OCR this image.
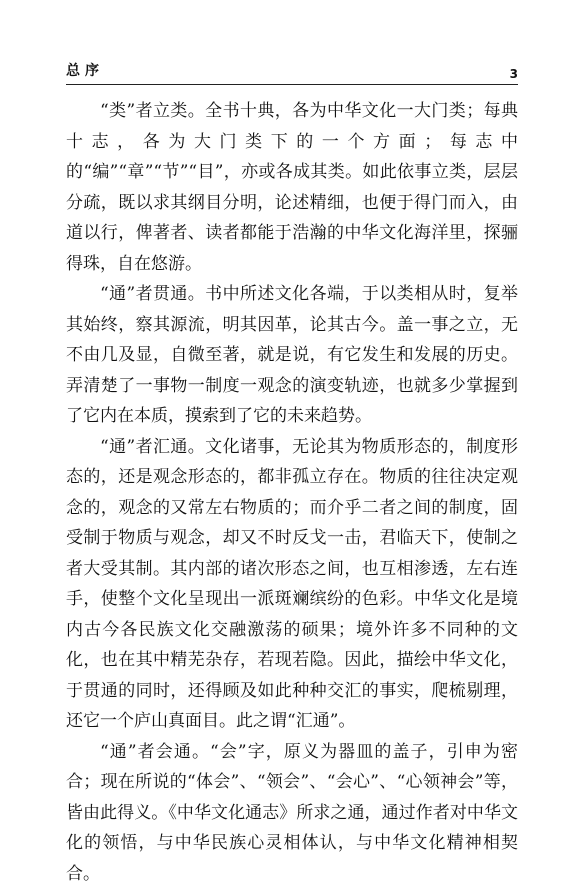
总序	3

“类”者立类。全书十典，各为中华文化一大门类；每典十志，各为大门类下的一个方面；每志中的“编”“章”“节”“目”，亦或各成其类。如此依事立类，层层分疏，既以求其纲目分明，论述精细，也便于得门而入，由道以行，俾著者、读者都能于浩瀚的中华文化海洋里，探骊得珠，自在悠游。

“通”者贯通。书中所述文化各端，于以类相从时，复举其始终，察其源流，明其因革，论其古今。盖一事之立，无不由几及显，自微至著，就是说，有它发生和发展的历史。弄清楚了一事物一制度一观念的演变轨迹，也就多少掌握到了它内在本质，摸索到了它的未来趋势。

“通”者汇通。文化诸事，无论其为物质形态的，制度形态的，还是观念形态的，都非孤立存在。物质的往往决定观念的，观念的又常左右物质的；而介乎二者之间的制度，固受制于物质与观念，却又不时反戈一击，君临天下，使制之者大受其制。其内部的诸次形态之间，也互相渗透，左右连手，使整个文化呈现出一派斑斓缤纷的色彩。中华文化是境内古今各民族文化交融激荡的硕果；境外许多不同种的文化，也在其中精芜杂存，若现若隐。因此，描绘中华文化，于贯通的同时，还得顾及如此种种交汇的事实，爬梳剔理，还它一个庐山真面目。此之谓“汇通”。

“通”者会通。“会”字，原义为器皿的盖子，引申为密合；现在所说的“体会”、“领会”、“会心”、“心领神会”等，皆由此得义。《中华文化通志》所求之通，通过作者对中华文化的领悟，与中华民族心灵相体认，与中华文化精神相契合。
